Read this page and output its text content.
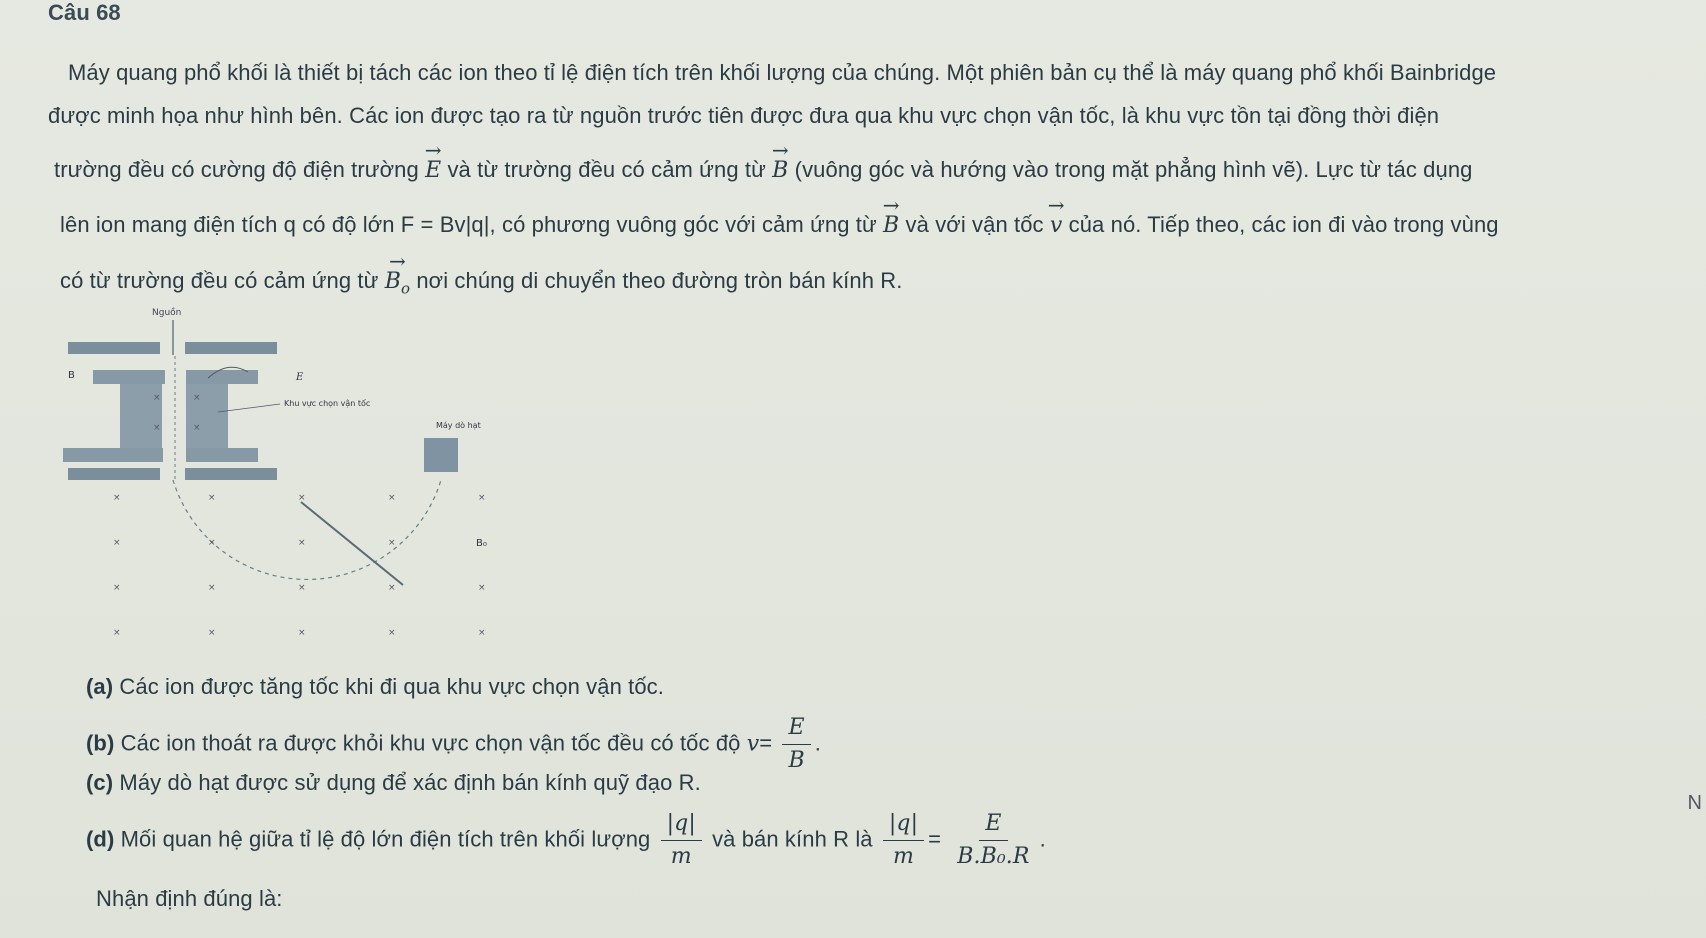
Câu 68
Máy quang phổ khối là thiết bị tách các ion theo tỉ lệ điện tích trên khối lượng của chúng. Một phiên bản cụ thể là máy quang phổ khối Bainbridge
được minh họa như hình bên. Các ion được tạo ra từ nguồn trước tiên được đưa qua khu vực chọn vận tốc, là khu vực tồn tại đồng thời điện
trường đều có cường độ điện trường → E và từ trường đều có cảm ứng từ → B (vuông góc và hướng vào trong mặt phẳng hình vẽ). Lực từ tác dụng
lên ion mang điện tích q có độ lớn F = Bv|q|, có phương vuông góc với cảm ứng từ → B và với vận tốc → v của nó. Tiếp theo, các ion đi vào trong vùng
có từ trường đều có cảm ứng từ → $B_o$ nơi chúng di chuyển theo đường tròn bán kính R.
Nguồn
B	E
Khu vực chọn vận tốc
Máy dò hạt
B₀
×	×	×	×	×
×	×	×	×
×	×	×	×	×
×	×	×	×	×
×	×
×	×
(a) Các ion được tăng tốc khi đi qua khu vực chọn vận tốc.
(b) Các ion thoát ra được khỏi khu vực chọn vận tốc đều có tốc độ $v= \frac{E}{B}$ .
(c) Máy dò hạt được sử dụng để xác định bán kính quỹ đạo R.
(d) Mối quan hệ giữa tỉ lệ độ lớn điện tích trên khối lượng $\frac{|q|}{m}$ và bán kính R là $\frac{|q|}{m} = \frac{E}{\text{B.B₀.R}}$ .
Nhận định đúng là:
N
